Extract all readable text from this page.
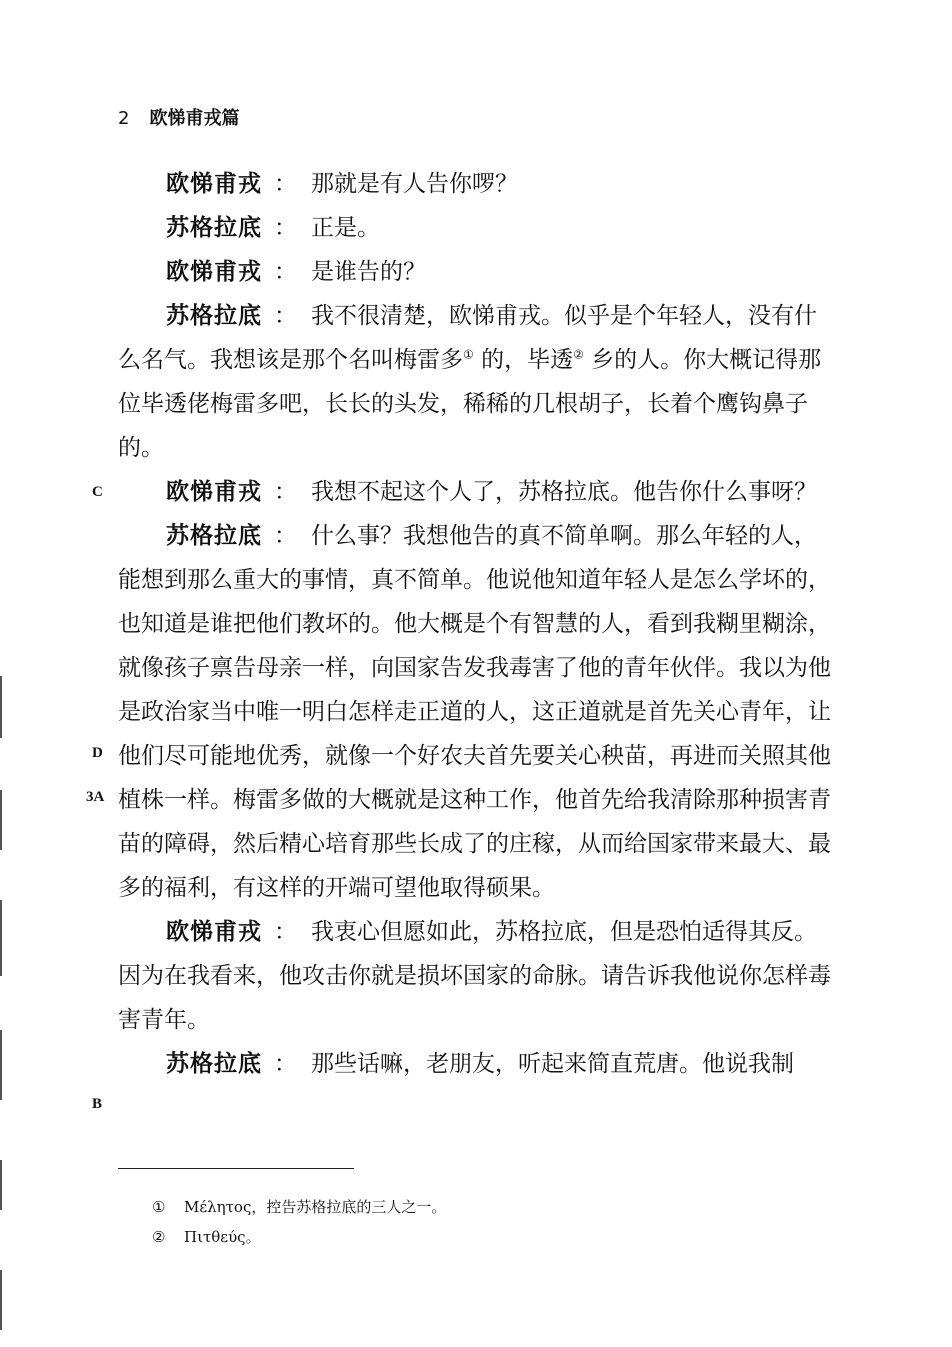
2 欧悌甫戎篇
C
D
3A
B

欧悌甫戎 ： 那就是有人告你啰？

苏格拉底 ： 正是。

欧悌甫戎 ： 是谁告的？

苏格拉底 ： 我不很清楚，欧悌甫戎。似乎是个年轻人，没有什么名气。我想该是那个名叫梅雷多① 的，毕透② 乡的人。你大概记得那位毕透佬梅雷多吧，长长的头发，稀稀的几根胡子，长着个鹰钩鼻子的。

欧悌甫戎 ： 我想不起这个人了，苏格拉底。他告你什么事呀？

苏格拉底 ： 什么事？我想他告的真不简单啊。那么年轻的人，能想到那么重大的事情，真不简单。他说他知道年轻人是怎么学坏的，也知道是谁把他们教坏的。他大概是个有智慧的人，看到我糊里糊涂，就像孩子禀告母亲一样，向国家告发我毒害了他的青年伙伴。我以为他是政治家当中唯一明白怎样走正道的人，这正道就是首先关心青年，让他们尽可能地优秀，就像一个好农夫首先要关心秧苗，再进而关照其他植株一样。梅雷多做的大概就是这种工作，他首先给我清除那种损害青苗的障碍，然后精心培育那些长成了的庄稼，从而给国家带来最大、最多的福利，有这样的开端可望他取得硕果。

欧悌甫戎 ： 我衷心但愿如此，苏格拉底，但是恐怕适得其反。因为在我看来，他攻击你就是损坏国家的命脉。请告诉我他说你怎样毒害青年。

苏格拉底 ： 那些话嘛，老朋友，听起来简直荒唐。他说我制

① Μέλητος，控告苏格拉底的三人之一。
② Πιτθεύς。
